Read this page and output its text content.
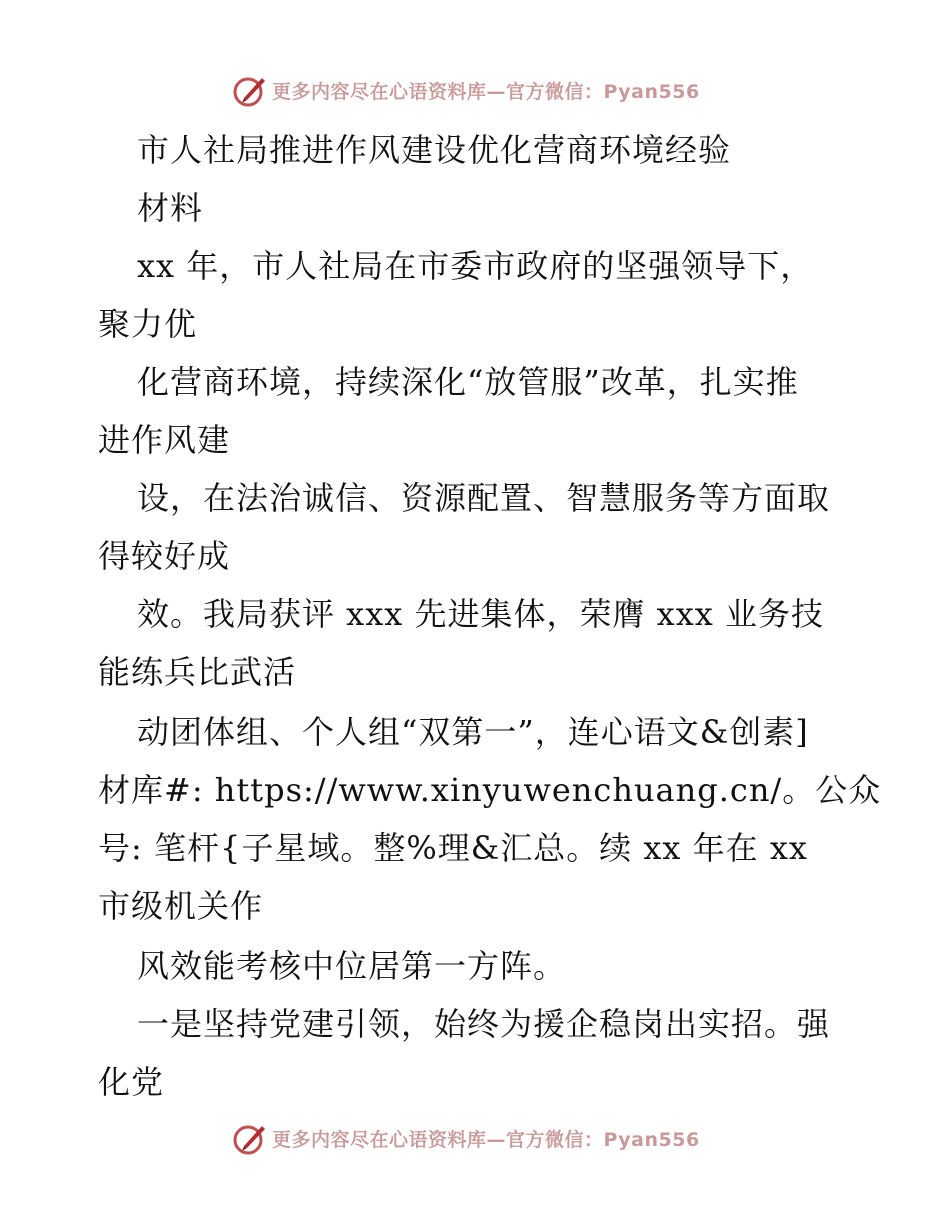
更多内容尽在心语资料库—官方微信：Pyan556
市人社局推进作风建设优化营商环境经验
材料
xx 年，市人社局在市委市政府的坚强领导下，
聚力优
化营商环境，持续深化“放管服”改革，扎实推
进作风建
设，在法治诚信、资源配置、智慧服务等方面取
得较好成
效。我局获评 xxx 先进集体，荣膺 xxx 业务技
能练兵比武活
动团体组、个人组“双第一”，连心语文&创素]
材库#: https://www.xinyuwenchuang.cn/。公众
号: 笔杆{子星域。整%理&汇总。续 xx 年在 xx
市级机关作
风效能考核中位居第一方阵。
一是坚持党建引领，始终为援企稳岗出实招。强
化党
更多内容尽在心语资料库—官方微信：Pyan556
